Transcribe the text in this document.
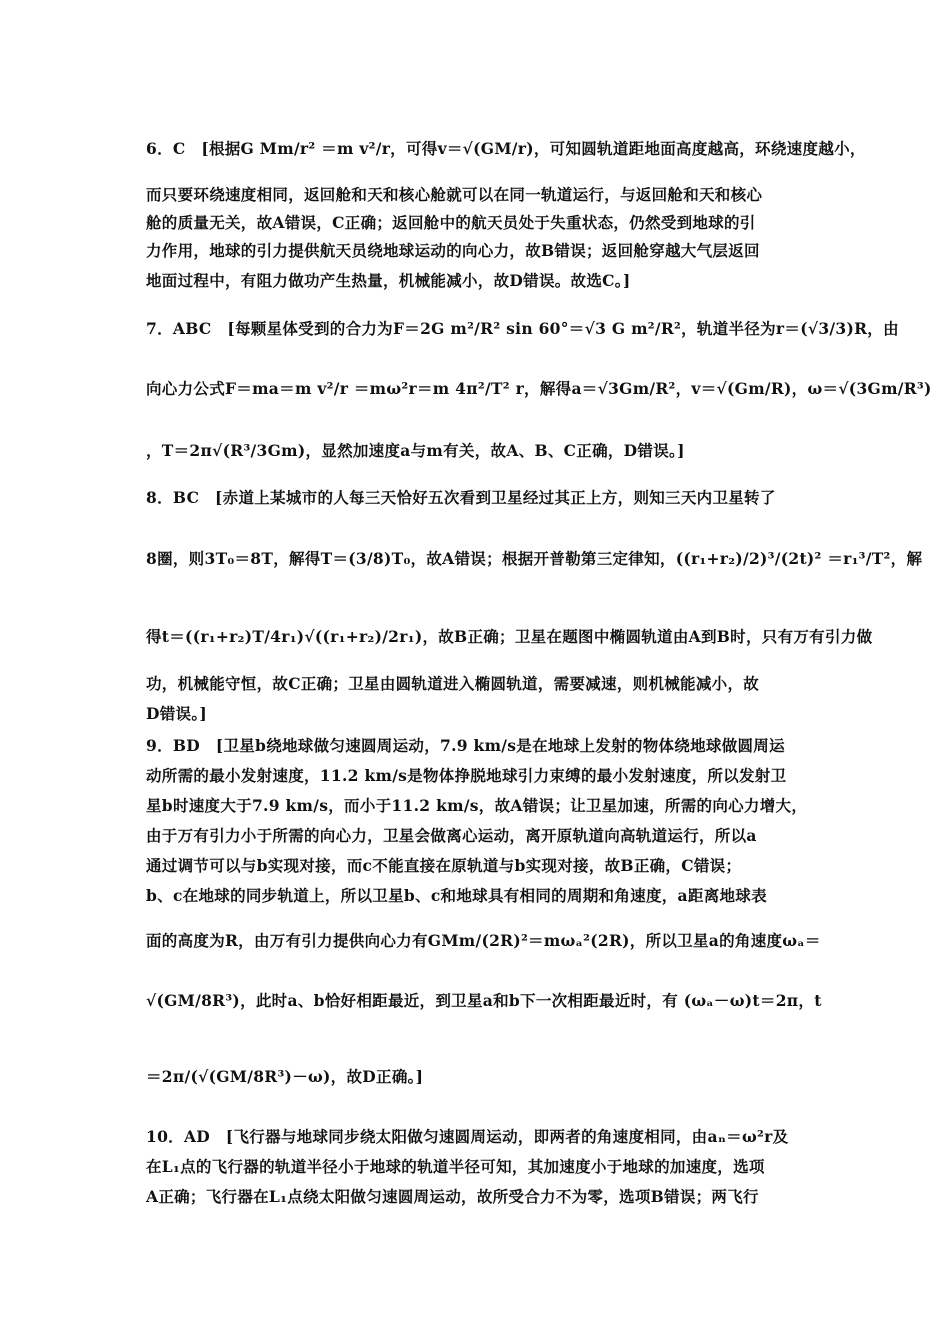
6．C　[根据G Mm/r² ＝m v²/r，可得v＝√(GM/r)，可知圆轨道距地面高度越高，环绕速度越小，
而只要环绕速度相同，返回舱和天和核心舱就可以在同一轨道运行，与返回舱和天和核心
舱的质量无关，故A错误，C正确；返回舱中的航天员处于失重状态，仍然受到地球的引
力作用，地球的引力提供航天员绕地球运动的向心力，故B错误；返回舱穿越大气层返回
地面过程中，有阻力做功产生热量，机械能减小，故D错误。故选C。]
7．ABC　[每颗星体受到的合力为F＝2G m²/R² sin 60°＝√3 G m²/R²，轨道半径为r＝(√3/3)R，由
向心力公式F＝ma＝m v²/r ＝mω²r＝m 4π²/T² r，解得a＝√3Gm/R²，v＝√(Gm/R)，ω＝√(3Gm/R³)
，T＝2π√(R³/3Gm)，显然加速度a与m有关，故A、B、C正确，D错误。]
8．BC　[赤道上某城市的人每三天恰好五次看到卫星经过其正上方，则知三天内卫星转了
8圈，则3T₀＝8T，解得T＝(3/8)T₀，故A错误；根据开普勒第三定律知，((r₁+r₂)/2)³/(2t)² ＝r₁³/T²，解
得t＝((r₁+r₂)T/4r₁)√((r₁+r₂)/2r₁)，故B正确；卫星在题图中椭圆轨道由A到B时，只有万有引力做
功，机械能守恒，故C正确；卫星由圆轨道进入椭圆轨道，需要减速，则机械能减小，故
D错误。]
9．BD　[卫星b绕地球做匀速圆周运动，7.9 km/s是在地球上发射的物体绕地球做圆周运
动所需的最小发射速度，11.2 km/s是物体挣脱地球引力束缚的最小发射速度，所以发射卫
星b时速度大于7.9 km/s，而小于11.2 km/s，故A错误；让卫星加速，所需的向心力增大，
由于万有引力小于所需的向心力，卫星会做离心运动，离开原轨道向高轨道运行，所以a
通过调节可以与b实现对接，而c不能直接在原轨道与b实现对接，故B正确，C错误；
b、c在地球的同步轨道上，所以卫星b、c和地球具有相同的周期和角速度，a距离地球表
面的高度为R，由万有引力提供向心力有GMm/(2R)²＝mωₐ²(2R)，所以卫星a的角速度ωₐ＝
√(GM/8R³)，此时a、b恰好相距最近，到卫星a和b下一次相距最近时，有 (ωₐ－ω)t＝2π，t
＝2π/(√(GM/8R³)－ω)，故D正确。]
10．AD　[飞行器与地球同步绕太阳做匀速圆周运动，即两者的角速度相同，由aₙ＝ω²r及
在L₁点的飞行器的轨道半径小于地球的轨道半径可知，其加速度小于地球的加速度，选项
A正确；飞行器在L₁点绕太阳做匀速圆周运动，故所受合力不为零，选项B错误；两飞行
